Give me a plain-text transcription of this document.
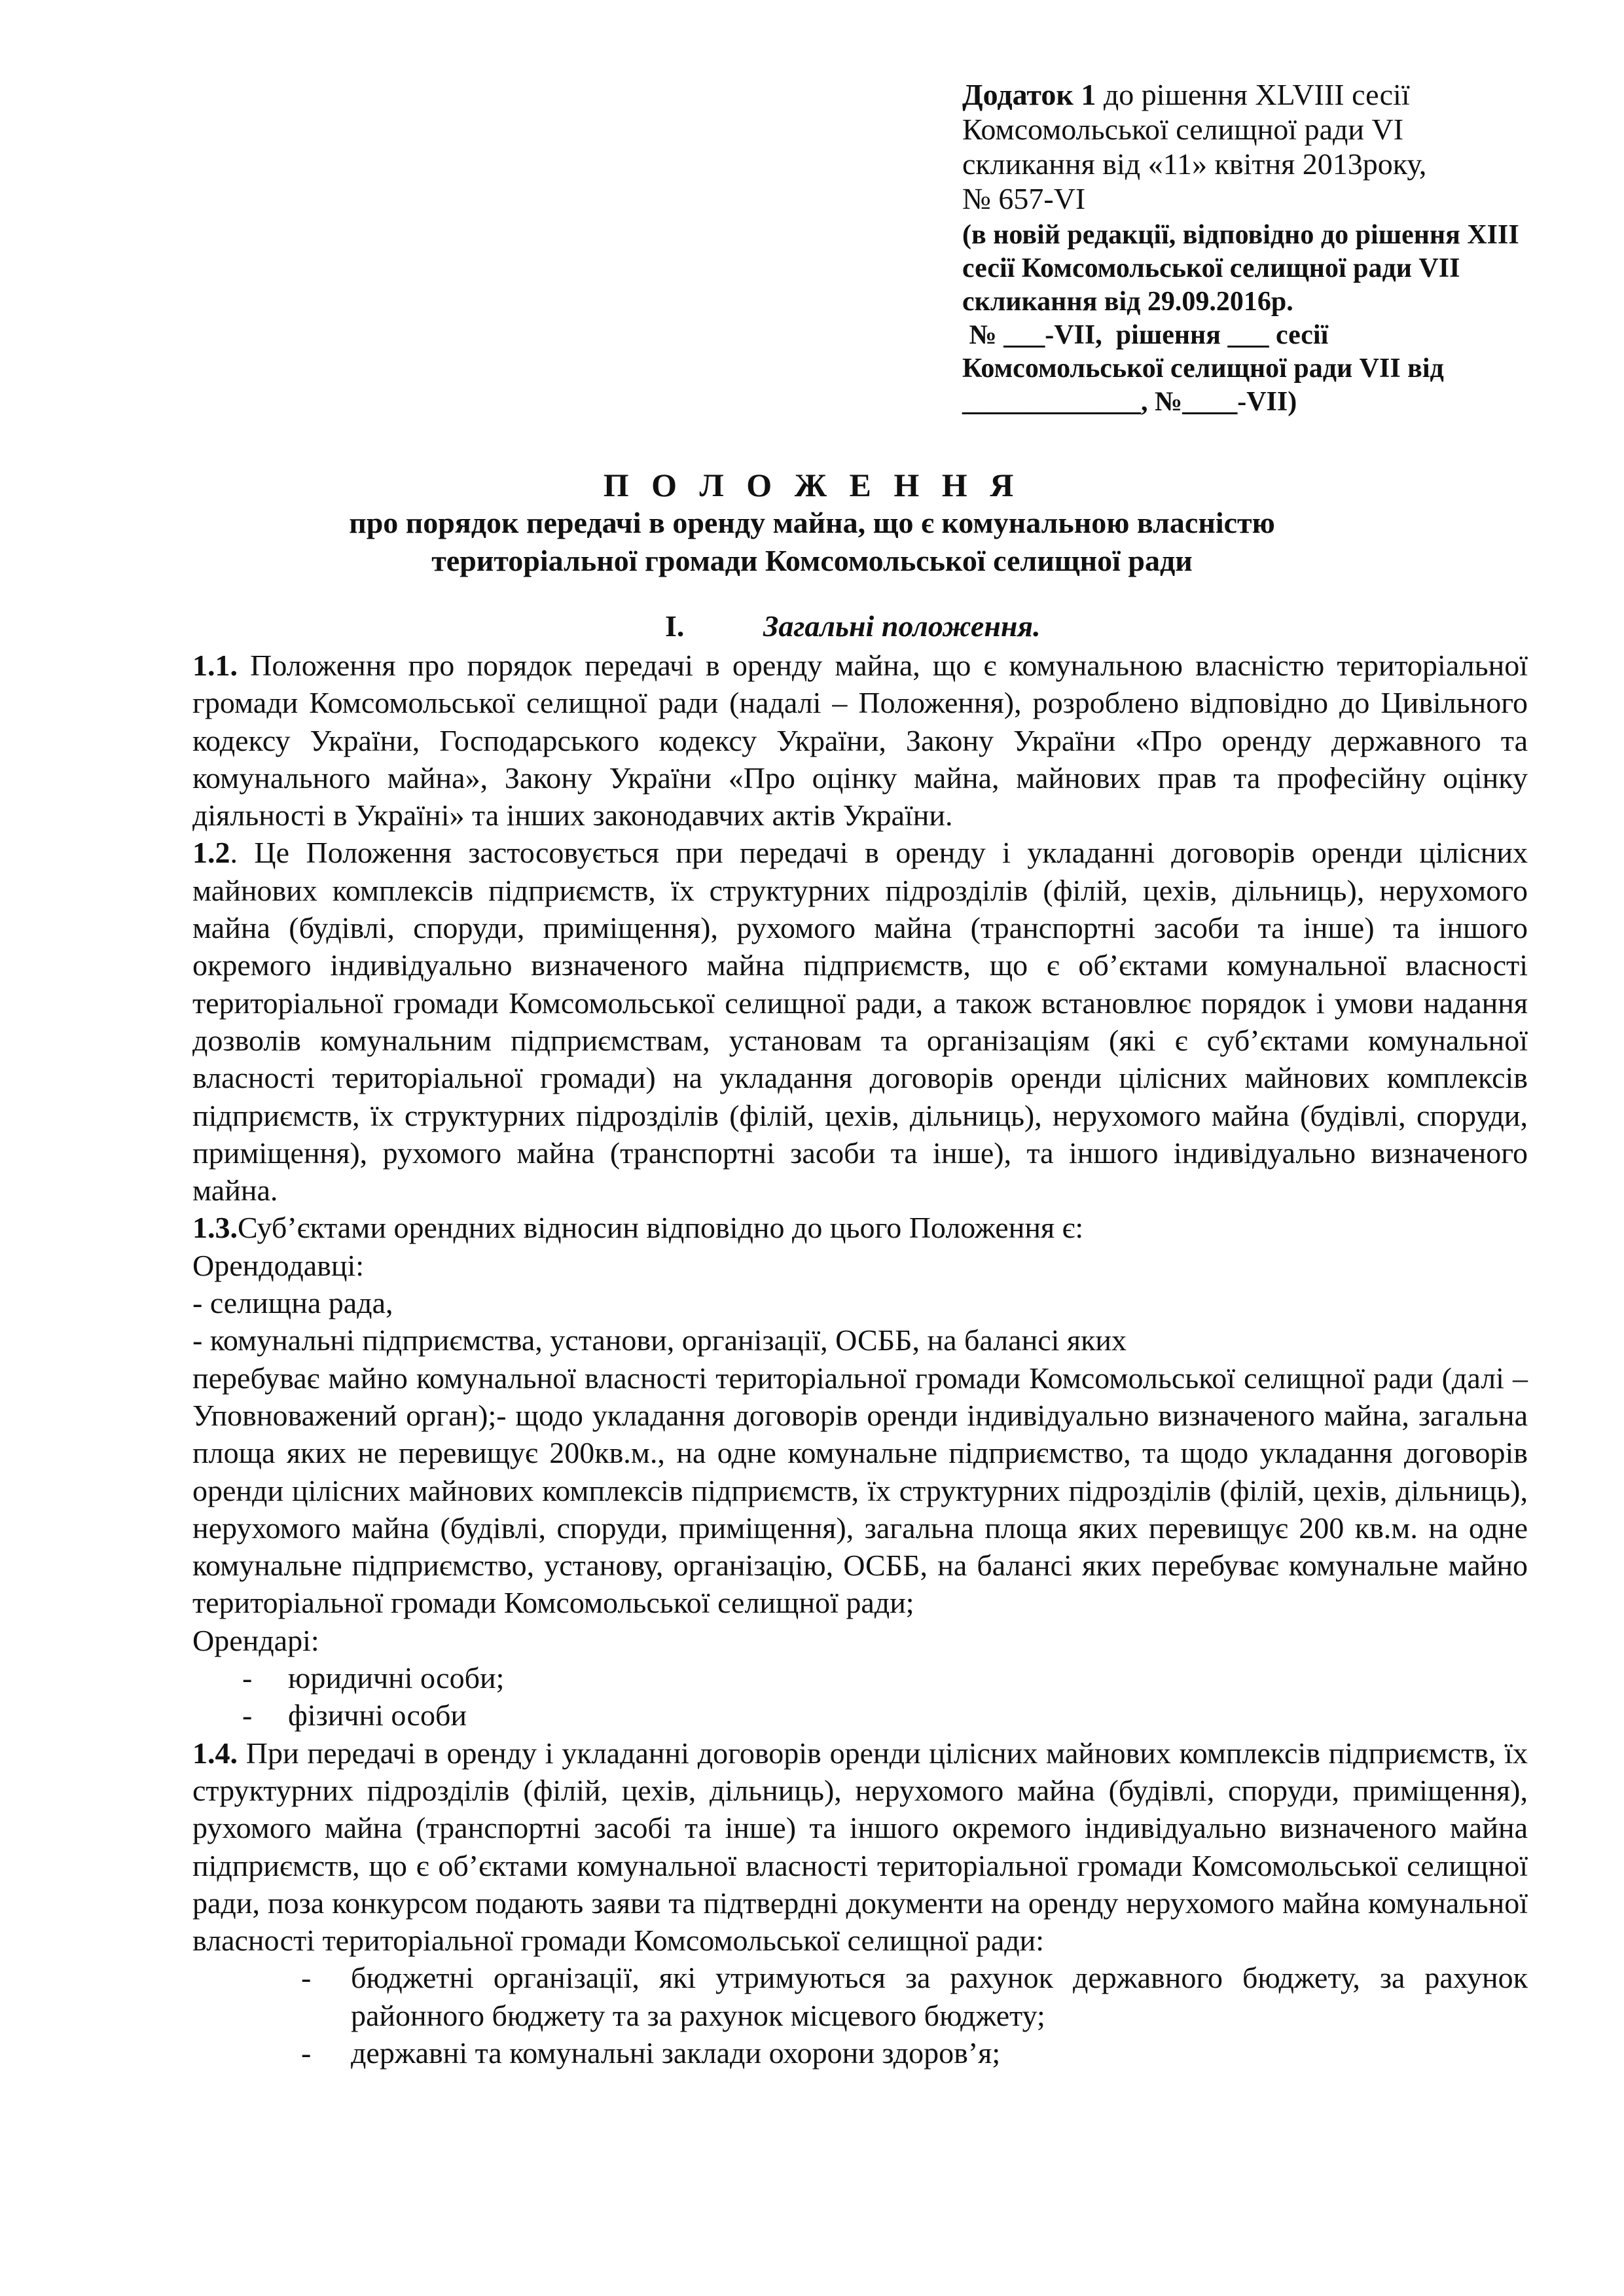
Додаток 1 до рішення XLVIII сесії
Комсомольської селищної ради VI
скликання від «11» квітня 2013року,
№ 657-VI
(в новій редакції, відповідно до рішення XIII
сесії Комсомольської селищної ради VII
скликання від 29.09.2016р.
№ ___-VII,  рішення ___ сесії
Комсомольської селищної ради VII від
_____________, №____-VII)
П О Л О Ж Е Н Н Я
про порядок передачі в оренду майна, що є комунальною власністю
територіальної громади Комсомольської селищної ради
I.	Загальні положення.

1.1. Положення про порядок передачі в оренду майна, що є комунальною власністю територіальної громади Комсомольської селищної ради (надалі – Положення), розроблено відповідно до Цивільного кодексу України, Господарського кодексу України, Закону України «Про оренду державного та комунального майна», Закону України «Про оцінку майна, майнових прав та професійну оцінку діяльності в Україні» та інших законодавчих актів України.

1.2. Це Положення застосовується при передачі в оренду і укладанні договорів оренди цілісних майнових комплексів підприємств, їх структурних підрозділів (філій, цехів, дільниць), нерухомого майна (будівлі, споруди, приміщення), рухомого майна (транспортні засоби та інше) та іншого окремого індивідуально визначеного майна підприємств, що є об’єктами комунальної власності територіальної громади Комсомольської селищної ради, а також встановлює порядок і умови надання дозволів комунальним підприємствам, установам та організаціям (які є суб’єктами комунальної власності територіальної громади) на укладання договорів оренди цілісних майнових комплексів підприємств, їх структурних підрозділів (філій, цехів, дільниць), нерухомого майна (будівлі, споруди, приміщення), рухомого майна (транспортні засоби та інше), та іншого індивідуально визначеного майна.

1.3.Суб’єктами орендних відносин відповідно до цього Положення є:

Орендодавці:

- селищна рада,

- комунальні підприємства, установи, організації, ОСББ, на балансі яких

перебуває майно комунальної власності територіальної громади Комсомольської селищної ради (далі – Уповноважений орган);- щодо укладання договорів оренди індивідуально визначеного майна, загальна площа яких не перевищує 200кв.м., на одне комунальне підприємство, та щодо укладання договорів оренди цілісних майнових комплексів підприємств, їх структурних підрозділів (філій, цехів, дільниць), нерухомого майна (будівлі, споруди, приміщення), загальна площа яких перевищує 200 кв.м. на одне комунальне підприємство, установу, організацію, ОСББ, на балансі яких перебуває комунальне майно територіальної громади Комсомольської селищної ради;

Орендарі:

-	юридичні особи;

-	фізичні особи

1.4. При передачі в оренду і укладанні договорів оренди цілісних майнових комплексів підприємств, їх структурних підрозділів (філій, цехів, дільниць), нерухомого майна (будівлі, споруди, приміщення), рухомого майна (транспортні засобі та інше) та іншого окремого індивідуально визначеного майна підприємств, що є об’єктами комунальної власності територіальної громади Комсомольської селищної ради, поза конкурсом подають заяви та підтвердні документи на оренду нерухомого майна комунальної власності територіальної громади Комсомольської селищної ради:

-	бюджетні організації, які утримуються за рахунок державного бюджету, за рахунок районного бюджету та за рахунок місцевого бюджету;

-	державні та комунальні заклади охорони здоров’я;
